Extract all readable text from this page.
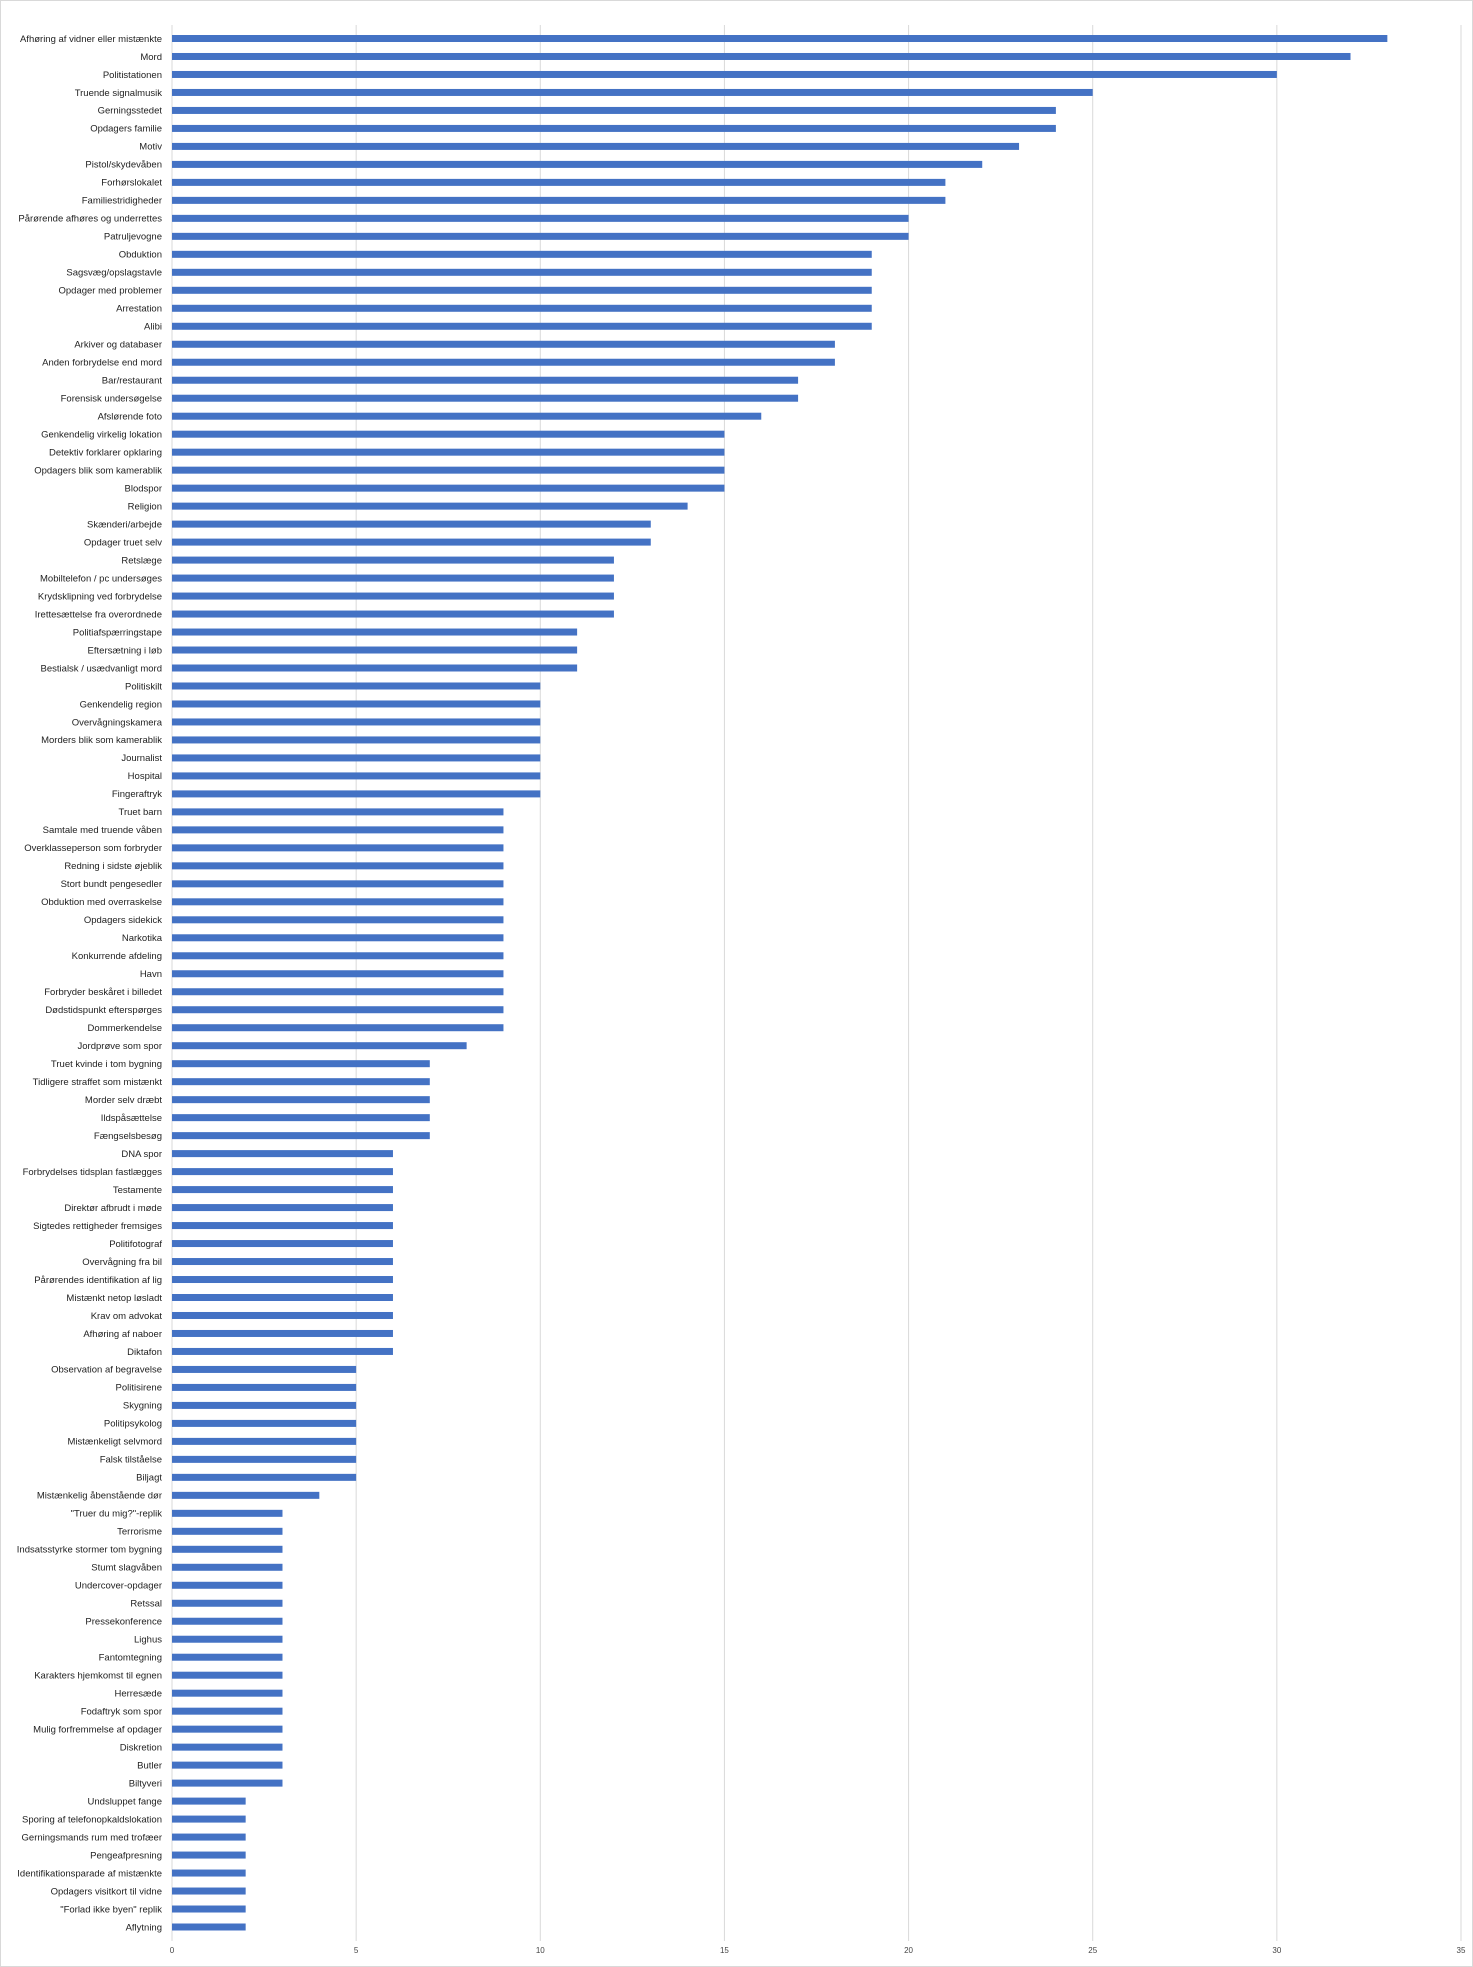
Afhøring af vidner eller mistænkte
Mord
Politistationen
Truende signalmusik
Gerningsstedet
Opdagers familie
Motiv
Pistol/skydevåben
Forhørslokalet
Familiestridigheder
Pårørende afhøres og underrettes
Patruljevogne
Obduktion
Sagsvæg/opslagstavle
Opdager med problemer
Arrestation
Alibi
Arkiver og databaser
Anden forbrydelse end mord
Bar/restaurant
Forensisk undersøgelse
Afslørende foto
Genkendelig virkelig lokation
Detektiv forklarer opklaring
Opdagers blik som kamerablik
Blodspor
Religion
Skænderi/arbejde
Opdager truet selv
Retslæge
Mobiltelefon / pc undersøges
Krydsklipning ved forbrydelse
Irettesættelse fra overordnede
Politiafspærringstape
Eftersætning i løb
Bestialsk / usædvanligt mord
Politiskilt
Genkendelig region
Overvågningskamera
Morders blik som kamerablik
Journalist
Hospital
Fingeraftryk
Truet barn
Samtale med truende våben
Overklasseperson som forbryder
Redning i sidste øjeblik
Stort bundt pengesedler
Obduktion med overraskelse
Opdagers sidekick
Narkotika
Konkurrende afdeling
Havn
Forbryder beskåret i billedet
Dødstidspunkt efterspørges
Dommerkendelse
Jordprøve som spor
Truet kvinde i tom bygning
Tidligere straffet som mistænkt
Morder selv dræbt
Ildspåsættelse
Fængselsbesøg
DNA spor
Forbrydelses tidsplan fastlægges
Testamente
Direktør afbrudt i møde
Sigtedes rettigheder fremsiges
Politifotograf
Overvågning fra bil
Pårørendes identifikation af lig
Mistænkt netop løsladt
Krav om advokat
Afhøring af naboer
Diktafon
Observation af begravelse
Politisirene
Skygning
Politipsykolog
Mistænkeligt selvmord
Falsk tilståelse
Biljagt
Mistænkelig åbenstående dør
"Truer du mig?"-replik
Terrorisme
Indsatsstyrke stormer tom bygning
Stumt slagvåben
Undercover-opdager
Retssal
Pressekonference
Lighus
Fantomtegning
Karakters hjemkomst til egnen
Herresæde
Fodaftryk som spor
Mulig forfremmelse af opdager
Diskretion
Butler
Biltyveri
Undsluppet fange
Sporing af telefonopkaldslokation
Gerningsmands rum med trofæer
Pengeafpresning
Identifikationsparade af mistænkte
Opdagers visitkort til vidne
"Forlad ikke byen" replik
Aflytning
0	5	10	15	20	25	30	35
